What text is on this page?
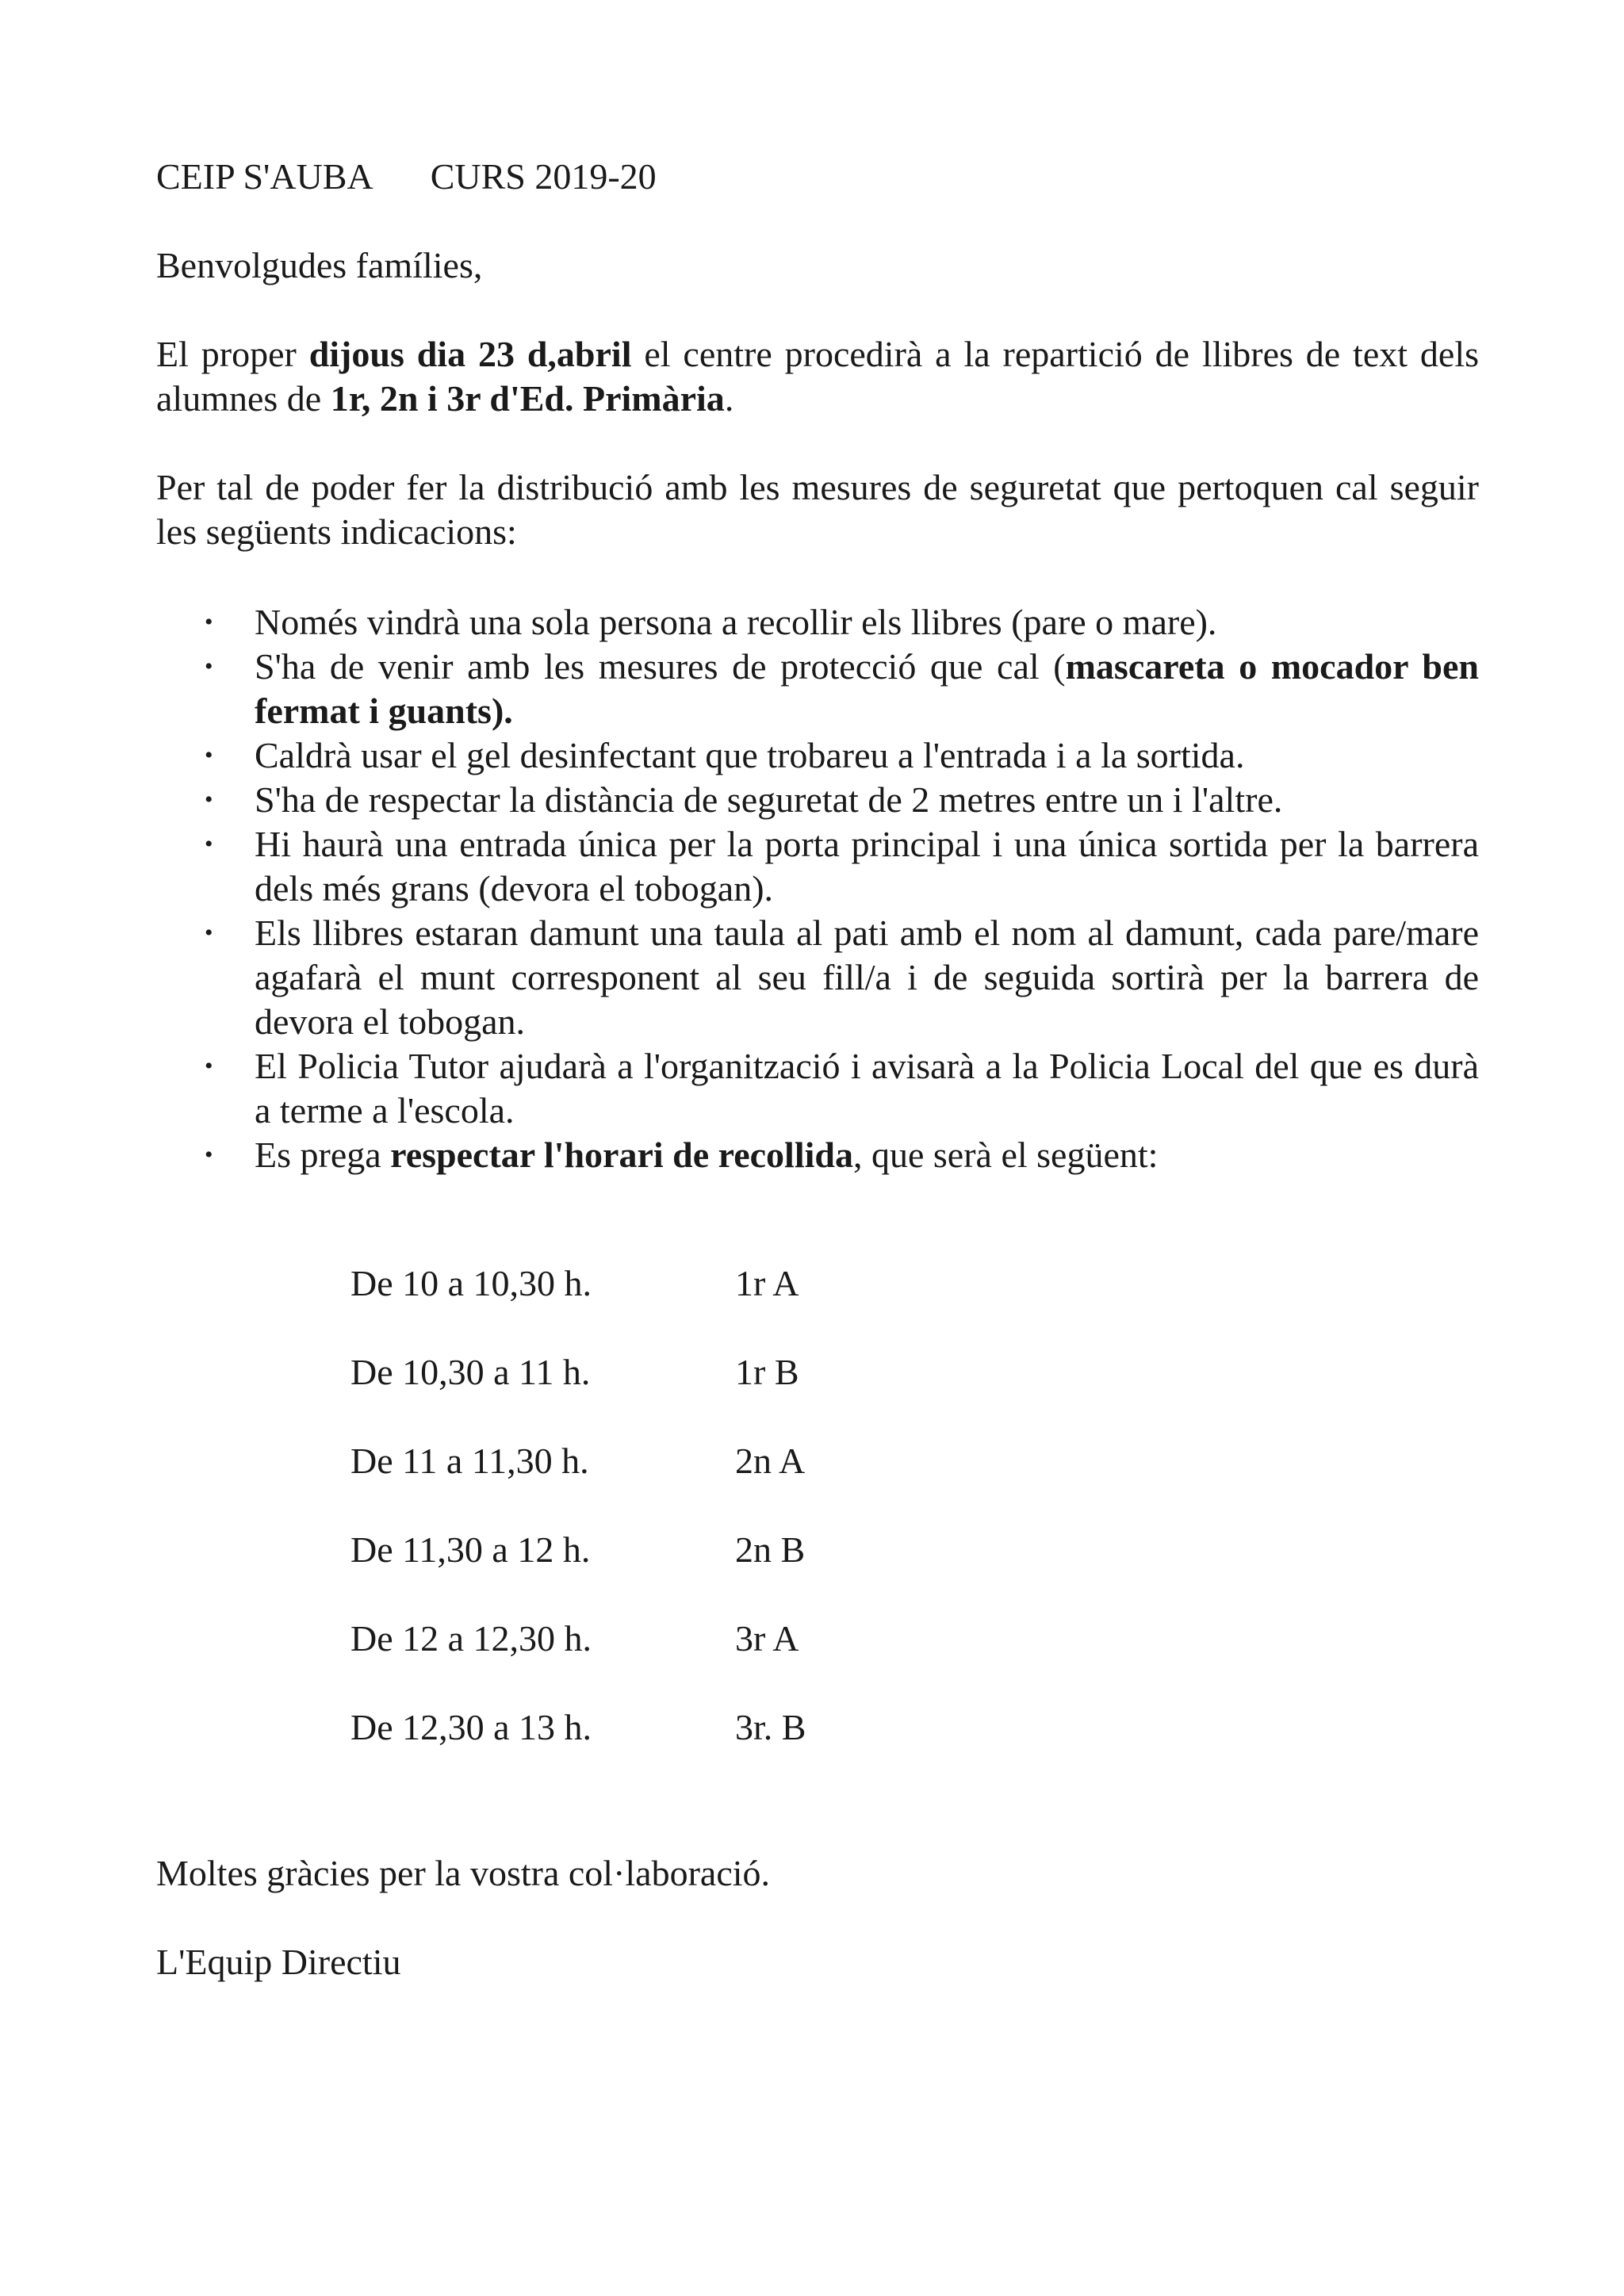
CEIP S'AUBA CURS 2019-20

Benvolgudes famílies,

El proper dijous dia 23 d,abril el centre procedirà a la repartició de llibres de text dels alumnes de 1r, 2n i 3r d'Ed. Primària.

Per tal de poder fer la distribució amb les mesures de seguretat que pertoquen cal seguir les següents indicacions:

•
Només vindrà una sola persona a recollir els llibres (pare o mare).
•
S'ha de venir amb les mesures de protecció que cal (mascareta o mocador ben fermat i guants).
•
Caldrà usar el gel desinfectant que trobareu a l'entrada i a la sortida.
•
S'ha de respectar la distància de seguretat de 2 metres entre un i l'altre.
•
Hi haurà una entrada única per la porta principal i una única sortida per la barrera dels més grans (devora el tobogan).
•
Els llibres estaran damunt una taula al pati amb el nom al damunt, cada pare/mare agafarà el munt corresponent al seu fill/a i de seguida sortirà per la barrera de devora el tobogan.
•
El Policia Tutor ajudarà a l'organització i avisarà a la Policia Local del que es durà a terme a l'escola.
•
Es prega respectar l'horari de recollida, que serà el següent:
De 10 a 10,30 h.	1r A
De 10,30 a 11 h.	1r B
De 11 a 11,30 h.	2n A
De 11,30 a 12 h.	2n B
De 12 a 12,30 h.	3r A
De 12,30 a 13 h.	3r. B

Moltes gràcies per la vostra col·laboració.

L'Equip Directiu
